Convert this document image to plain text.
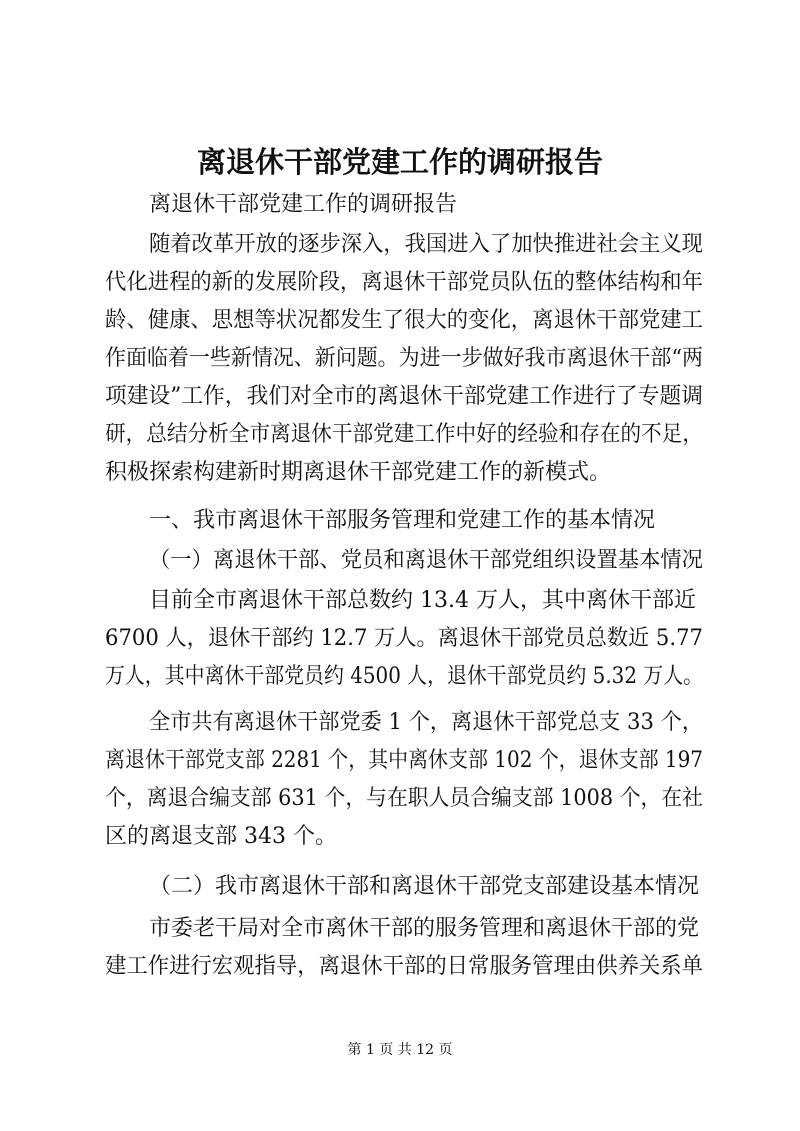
离退休干部党建工作的调研报告
离退休干部党建工作的调研报告
随着改革开放的逐步深入，我国进入了加快推进社会主义现
代化进程的新的发展阶段，离退休干部党员队伍的整体结构和年
龄、健康、思想等状况都发生了很大的变化，离退休干部党建工
作面临着一些新情况、新问题。为进一步做好我市离退休干部“两
项建设”工作，我们对全市的离退休干部党建工作进行了专题调
研，总结分析全市离退休干部党建工作中好的经验和存在的不足，
积极探索构建新时期离退休干部党建工作的新模式。
一、我市离退休干部服务管理和党建工作的基本情况
（一）离退休干部、党员和离退休干部党组织设置基本情况
目前全市离退休干部总数约 13.4 万人，其中离休干部近
6700 人，退休干部约 12.7 万人。离退休干部党员总数近 5.77
万人，其中离休干部党员约 4500 人，退休干部党员约 5.32 万人。
全市共有离退休干部党委 1 个，离退休干部党总支 33 个，
离退休干部党支部 2281 个，其中离休支部 102 个，退休支部 197
个，离退合编支部 631 个，与在职人员合编支部 1008 个，在社
区的离退支部 343 个。
（二）我市离退休干部和离退休干部党支部建设基本情况
市委老干局对全市离休干部的服务管理和离退休干部的党
建工作进行宏观指导，离退休干部的日常服务管理由供养关系单
第 1 页 共 12 页
